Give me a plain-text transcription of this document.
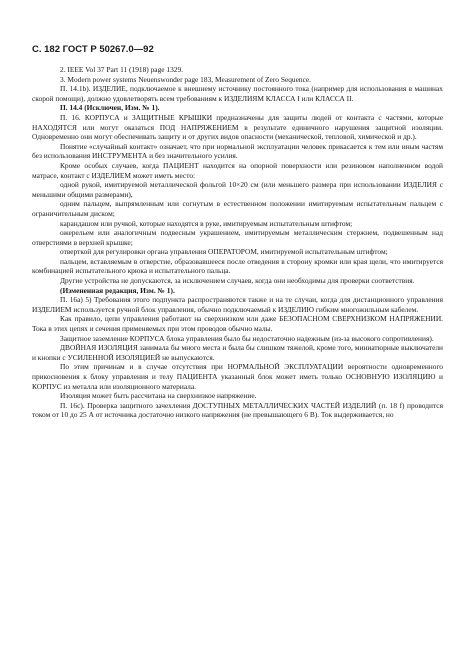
С. 182 ГОСТ Р 50267.0—92

2. IEEE Vol 37 Part 11 (1918) page 1329.

3. Modern power systems Neuenswonder page 183, Measurement of Zero Sequence.

П. 14.1b). ИЗДЕЛИЕ, подключаемое к внешнему источнику постоянного тока (например для использования в машинах скорой помощи), должно удовлетворять всем требованиям к ИЗДЕЛИЯМ КЛАССА I или КЛАССА II.

П. 14.4 (Исключен, Изм. № 1).

П. 16. КОРПУСА и ЗАЩИТНЫЕ КРЫШКИ предназначены для защиты людей от контакта с частями, которые НАХОДЯТСЯ или могут оказаться ПОД НАПРЯЖЕНИЕМ в результате единичного нарушения защитной изоляции. Одновременно они могут обеспечивать защиту и от других видов опасности (механической, тепловой, химической и др.).

Понятие «случайный контакт» означает, что при нормальной эксплуатации человек прикасается к тем или иным частям без использования ИНСТРУМЕНТА и без значительного усилия.

Кроме особых случаев, когда ПАЦИЕНТ находится на опорной поверхности или резиновом наполненном водой матрасе, контакт с ИЗДЕЛИЕМ может иметь место:

одной рукой, имитируемой металлической фольгой 10×20 см (или меньшего размера при использовании ИЗДЕЛИЯ с меньшими общими размерами),

одним пальцем, выпрямленным или согнутым в естественном положении имитируемым испытательным пальцем с ограничительным диском;

карандашом или ручкой, которые находятся в руке, имитируемым испытательным штифтом;

ожерельем или аналогичным подвесным украшением, имитируемым металлическим стержнем, подвешенным над отверстиями в верхней крышке;

отверткой для регулировки органа управления ОПЕРАТОРОМ, имитируемой испытательным штифтом;

пальцем, вставляемым в отверстие, образовавшееся после отведения в сторону кромки или края щели, что имитируется комбинацией испытательного крюка и испытательного пальца.

Другие устройства не допускаются, за исключением случаев, когда они необходимы для проверки соответствия.

(Измененная редакция, Изм. № 1).

П. 16a) 5) Требования этого подпункта распространяются также и на те случаи, когда для дистанционного управления ИЗДЕЛИЕМ используется ручной блок управления, обычно подключаемый к ИЗДЕЛИЮ гибким многожильным кабелем.

Как правило, цепи управления работают на сверхнизком или даже БЕЗОПАСНОМ СВЕРХНИЗКОМ НАПРЯЖЕНИИ. Тока в этих цепях и сечения применяемых при этом проводов обычно малы.

Защитное заземление КОРПУСА блока управления было бы недостаточно надежным (из-за высокого сопротивления).

ДВОЙНАЯ ИЗОЛЯЦИЯ занимала бы много места и была бы слишком тяжелой, кроме того, миниатюрные выключатели и кнопки с УСИЛЕННОЙ ИЗОЛЯЦИЕЙ не выпускаются.

По этим причинам и в случае отсутствия при НОРМАЛЬНОЙ ЭКСПЛУАТАЦИИ вероятности одновременного прикосновения к блоку управления и телу ПАЦИЕНТА указанный блок может иметь только ОСНОВНУЮ ИЗОЛЯЦИЮ и КОРПУС из металла или изоляционного материала.

Изоляция может быть рассчитана на сверхнизкое напряжение.

П. 16c). Проверка защитного зачехления ДОСТУПНЫХ МЕТАЛЛИЧЕСКИХ ЧАСТЕЙ ИЗДЕЛИЙ (п. 18 f) проводится током от 10 до 25 А от источника достаточно низкого напряжения (не превышающего 6 В). Ток выдерживается, но
